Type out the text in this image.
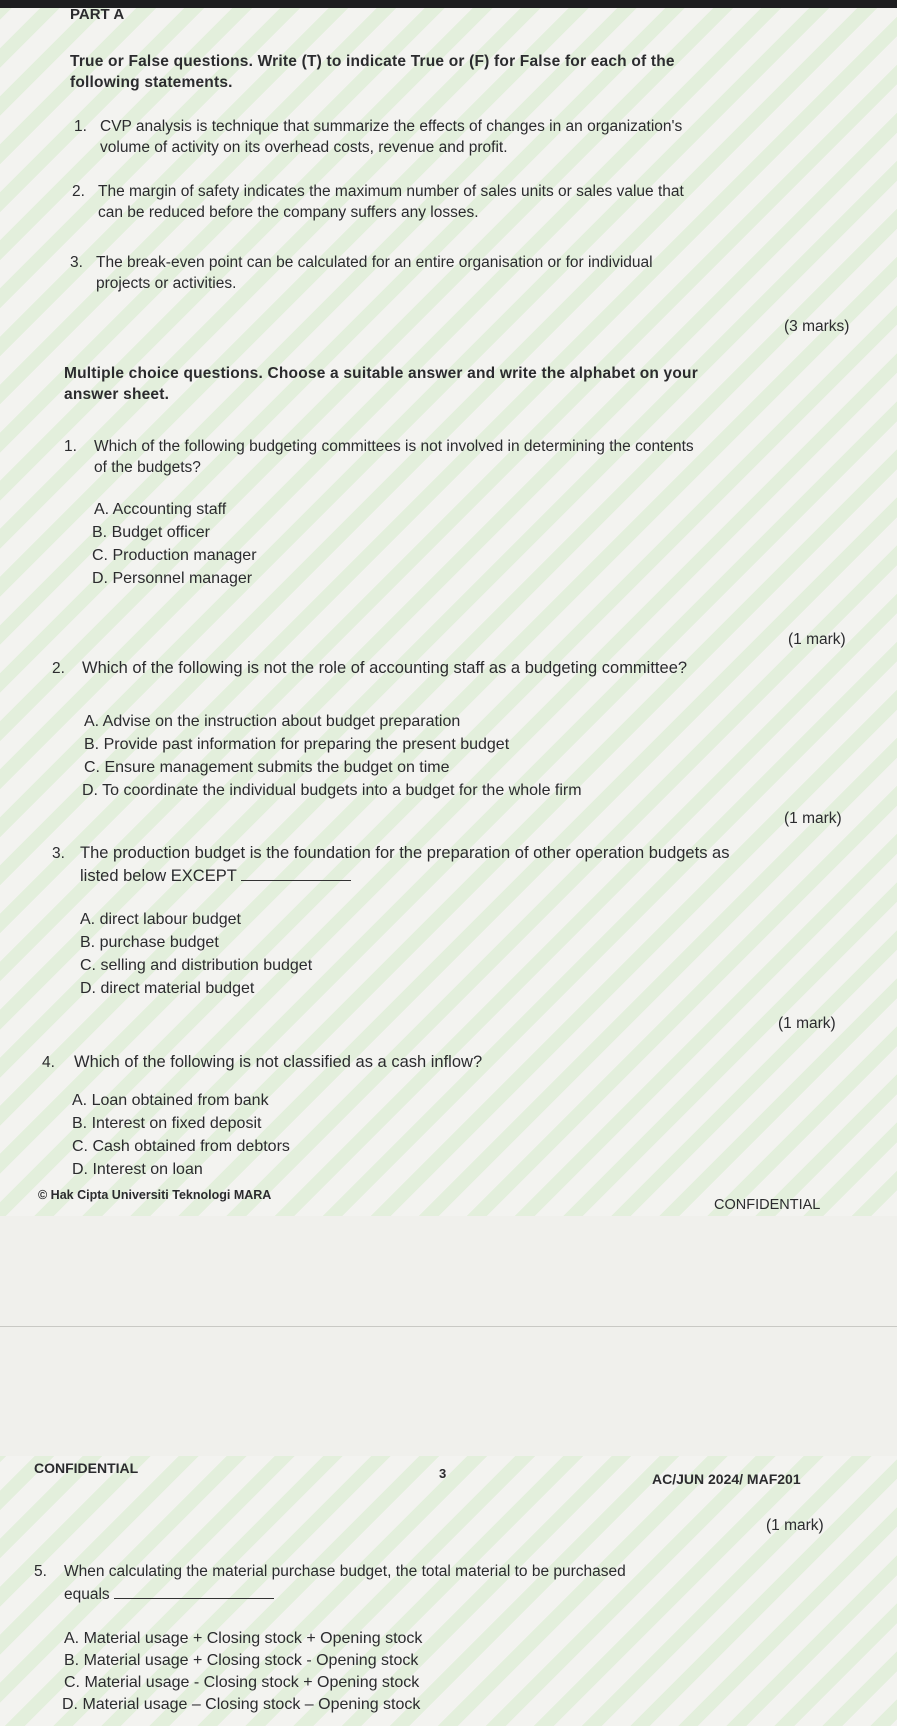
PART A
True or False questions. Write (T) to indicate True or (F) for False for each of the
following statements.
1. CVP analysis is technique that summarize the effects of changes in an organization's
volume of activity on its overhead costs, revenue and profit.
2. The margin of safety indicates the maximum number of sales units or sales value that
can be reduced before the company suffers any losses.
3. The break-even point can be calculated for an entire organisation or for individual
projects or activities.
(3 marks)
Multiple choice questions. Choose a suitable answer and write the alphabet on your
answer sheet.
1. Which of the following budgeting committees is not involved in determining the contents
of the budgets?
A. Accounting staff
B. Budget officer
C. Production manager
D. Personnel manager
(1 mark)
2. Which of the following is not the role of accounting staff as a budgeting committee?
A. Advise on the instruction about budget preparation
B. Provide past information for preparing the present budget
C. Ensure management submits the budget on time
D. To coordinate the individual budgets into a budget for the whole firm
(1 mark)
3. The production budget is the foundation for the preparation of other operation budgets as
listed below EXCEPT
A. direct labour budget
B. purchase budget
C. selling and distribution budget
D. direct material budget
(1 mark)
4. Which of the following is not classified as a cash inflow?
A. Loan obtained from bank
B. Interest on fixed deposit
C. Cash obtained from debtors
D. Interest on loan
© Hak Cipta Universiti Teknologi MARA
CONFIDENTIAL
CONFIDENTIAL	3	AC/JUN 2024/ MAF201
(1 mark)
5. When calculating the material purchase budget, the total material to be purchased
equals
A. Material usage + Closing stock + Opening stock
B. Material usage + Closing stock - Opening stock
C. Material usage - Closing stock + Opening stock
D. Material usage – Closing stock – Opening stock
